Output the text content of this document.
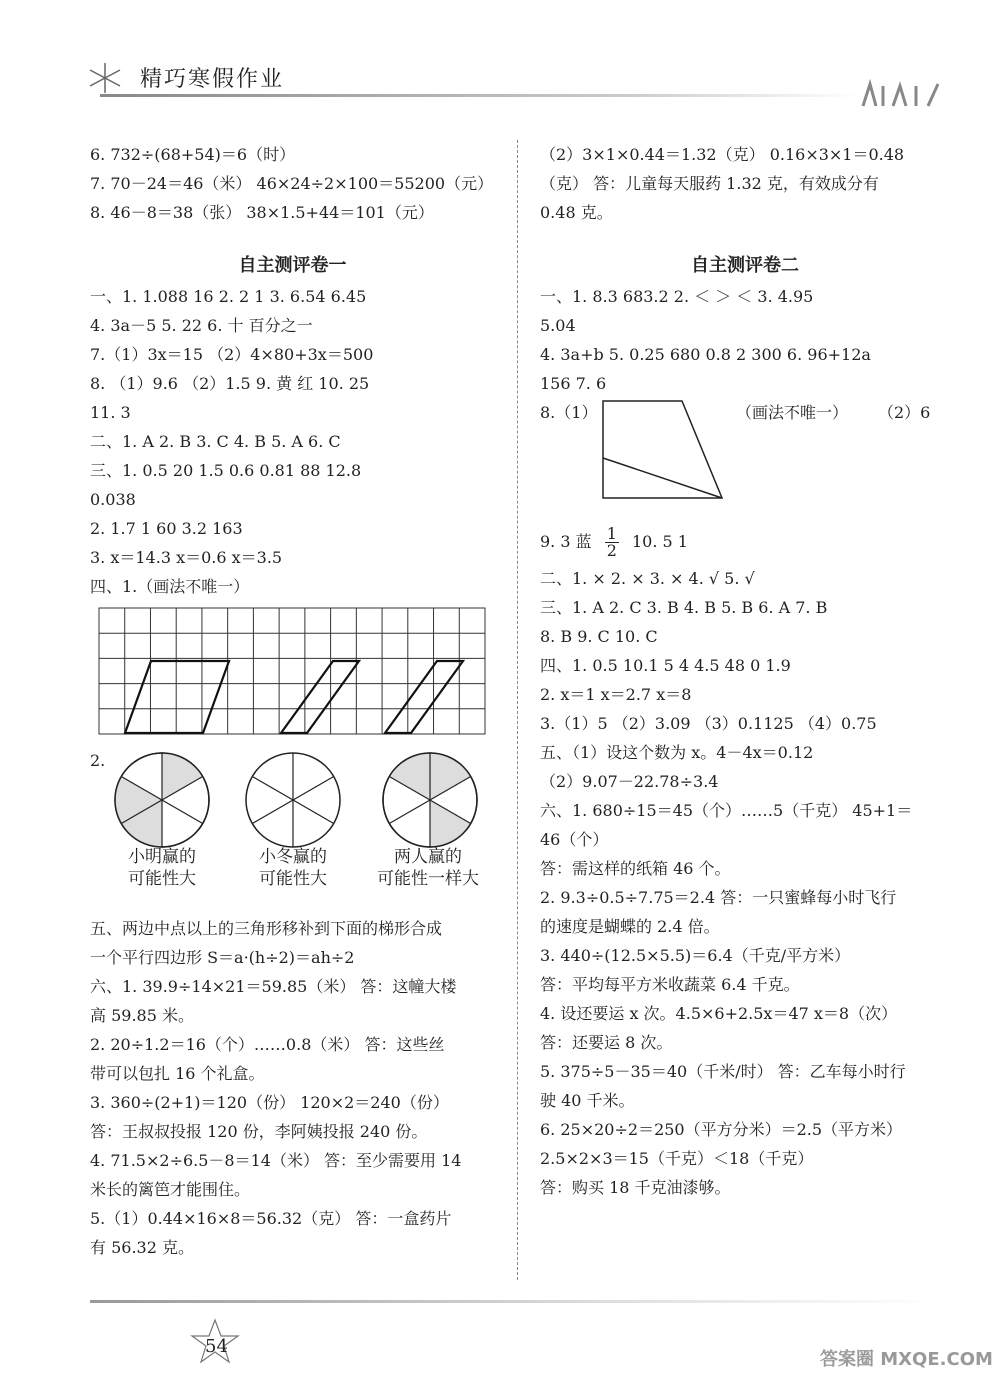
精巧寒假作业
6. 732÷(68+54)＝6（时）
7. 70－24＝46（米） 46×24÷2×100＝55200（元）
8. 46－8＝38（张） 38×1.5+44＝101（元）
自主测评卷一
一、1. 1.088 16 2. 2 1 3. 6.54 6.45
4. 3a－5 5. 22 6. 十 百分之一
7.（1）3x＝15 （2）4×80+3x＝500
8. （1）9.6 （2）1.5 9. 黄 红 10. 25
11. 3
二、1. A 2. B 3. C 4. B 5. A 6. C
三、1. 0.5 20 1.5 0.6 0.81 88 12.8
0.038
2. 1.7 1 60 3.2 163
3. x＝14.3 x＝0.6 x＝3.5
四、1.（画法不唯一）
2.
小明赢的
可能性大
小冬赢的
可能性大
两人赢的
可能性一样大
五、两边中点以上的三角形移补到下面的梯形合成
一个平行四边形 S＝a·(h÷2)＝ah÷2
六、1. 39.9÷14×21＝59.85（米） 答：这幢大楼
高 59.85 米。
2. 20÷1.2＝16（个）……0.8（米） 答：这些丝
带可以包扎 16 个礼盒。
3. 360÷(2+1)＝120（份） 120×2＝240（份）
答：王叔叔投报 120 份，李阿姨投报 240 份。
4. 71.5×2÷6.5－8＝14（米） 答：至少需要用 14
米长的篱笆才能围住。
5.（1）0.44×16×8＝56.32（克） 答：一盒药片
有 56.32 克。
（2）3×1×0.44＝1.32（克） 0.16×3×1＝0.48
（克） 答：儿童每天服药 1.32 克，有效成分有
0.48 克。
自主测评卷二
一、1. 8.3 683.2 2. ＜ ＞ ＜ 3. 4.95
5.04
4. 3a+b 5. 0.25 680 0.8 2 300 6. 96+12a
156 7. 6
8.（1）	（画法不唯一） （2）6
9. 3 蓝 $\frac{1}{2} 10$. 5 1
二、1. × 2. × 3. × 4. √ 5. √
三、1. A 2. C 3. B 4. B 5. B 6. A 7. B
8. B 9. C 10. C
四、1. 0.5 10.1 5 4 4.5 48 0 1.9
2. x＝1 x＝2.7 x＝8
3.（1）5 （2）3.09 （3）0.1125 （4）0.75
五、（1）设这个数为 x。4－4x＝0.12
（2）9.07－22.78÷3.4
六、1. 680÷15＝45（个）……5（千克） 45+1＝
46（个）
答：需这样的纸箱 46 个。
2. 9.3÷0.5÷7.75＝2.4 答：一只蜜蜂每小时飞行
的速度是蝴蝶的 2.4 倍。
3. 440÷(12.5×5.5)＝6.4（千克/平方米）
答：平均每平方米收蔬菜 6.4 千克。
4. 设还要运 x 次。4.5×6+2.5x＝47 x＝8（次）
答：还要运 8 次。
5. 375÷5－35＝40（千米/时） 答：乙车每小时行
驶 40 千米。
6. 25×20÷2＝250（平方分米）＝2.5（平方米）
2.5×2×3＝15（千克）＜18（千克）
答：购买 18 千克油漆够。
54
答案圈 MXQE.COM
